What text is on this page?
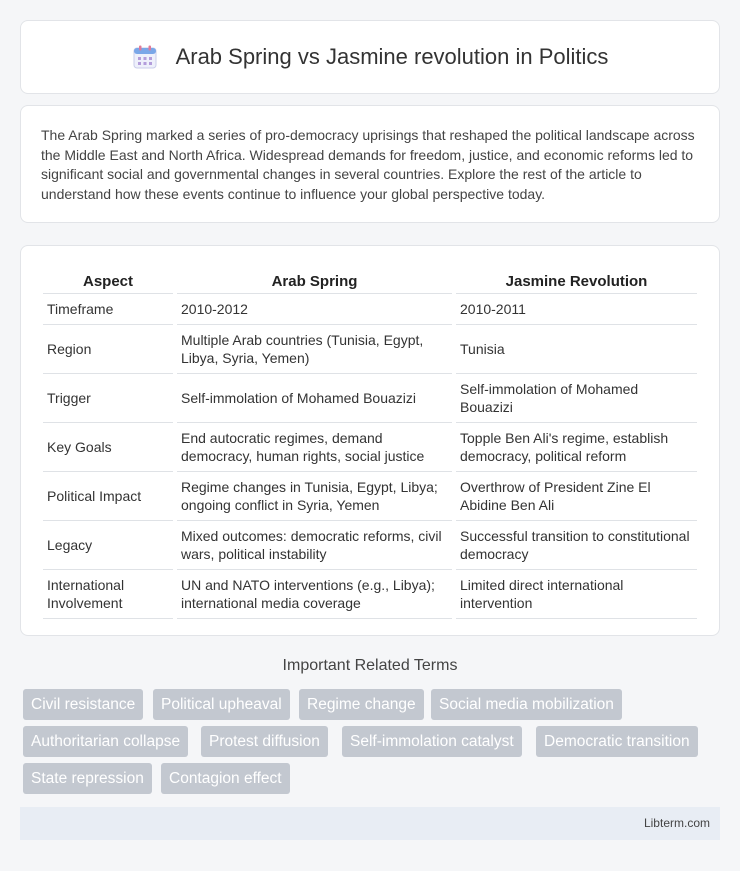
Arab Spring vs Jasmine revolution in Politics

The Arab Spring marked a series of pro-democracy uprisings that reshaped the political landscape across the Middle East and North Africa. Widespread demands for freedom, justice, and economic reforms led to significant social and governmental changes in several countries. Explore the rest of the article to understand how these events continue to influence your global perspective today.

Aspect	Arab Spring	Jasmine Revolution
Timeframe	2010-2012	2010-2011
Region	Multiple Arab countries (Tunisia, Egypt, Libya, Syria, Yemen)	Tunisia
Trigger	Self-immolation of Mohamed Bouazizi	Self-immolation of Mohamed Bouazizi
Key Goals	End autocratic regimes, demand democracy, human rights, social justice	Topple Ben Ali's regime, establish democracy, political reform
Political Impact	Regime changes in Tunisia, Egypt, Libya; ongoing conflict in Syria, Yemen	Overthrow of President Zine El Abidine Ben Ali
Legacy	Mixed outcomes: democratic reforms, civil wars, political instability	Successful transition to constitutional democracy
International Involvement	UN and NATO interventions (e.g., Libya); international media coverage	Limited direct international intervention
Important Related Terms
Civil resistance	Political upheaval	Regime change	Social media mobilization
Authoritarian collapse	Protest diffusion	Self-immolation catalyst	Democratic transition
State repression	Contagion effect
Libterm.com
